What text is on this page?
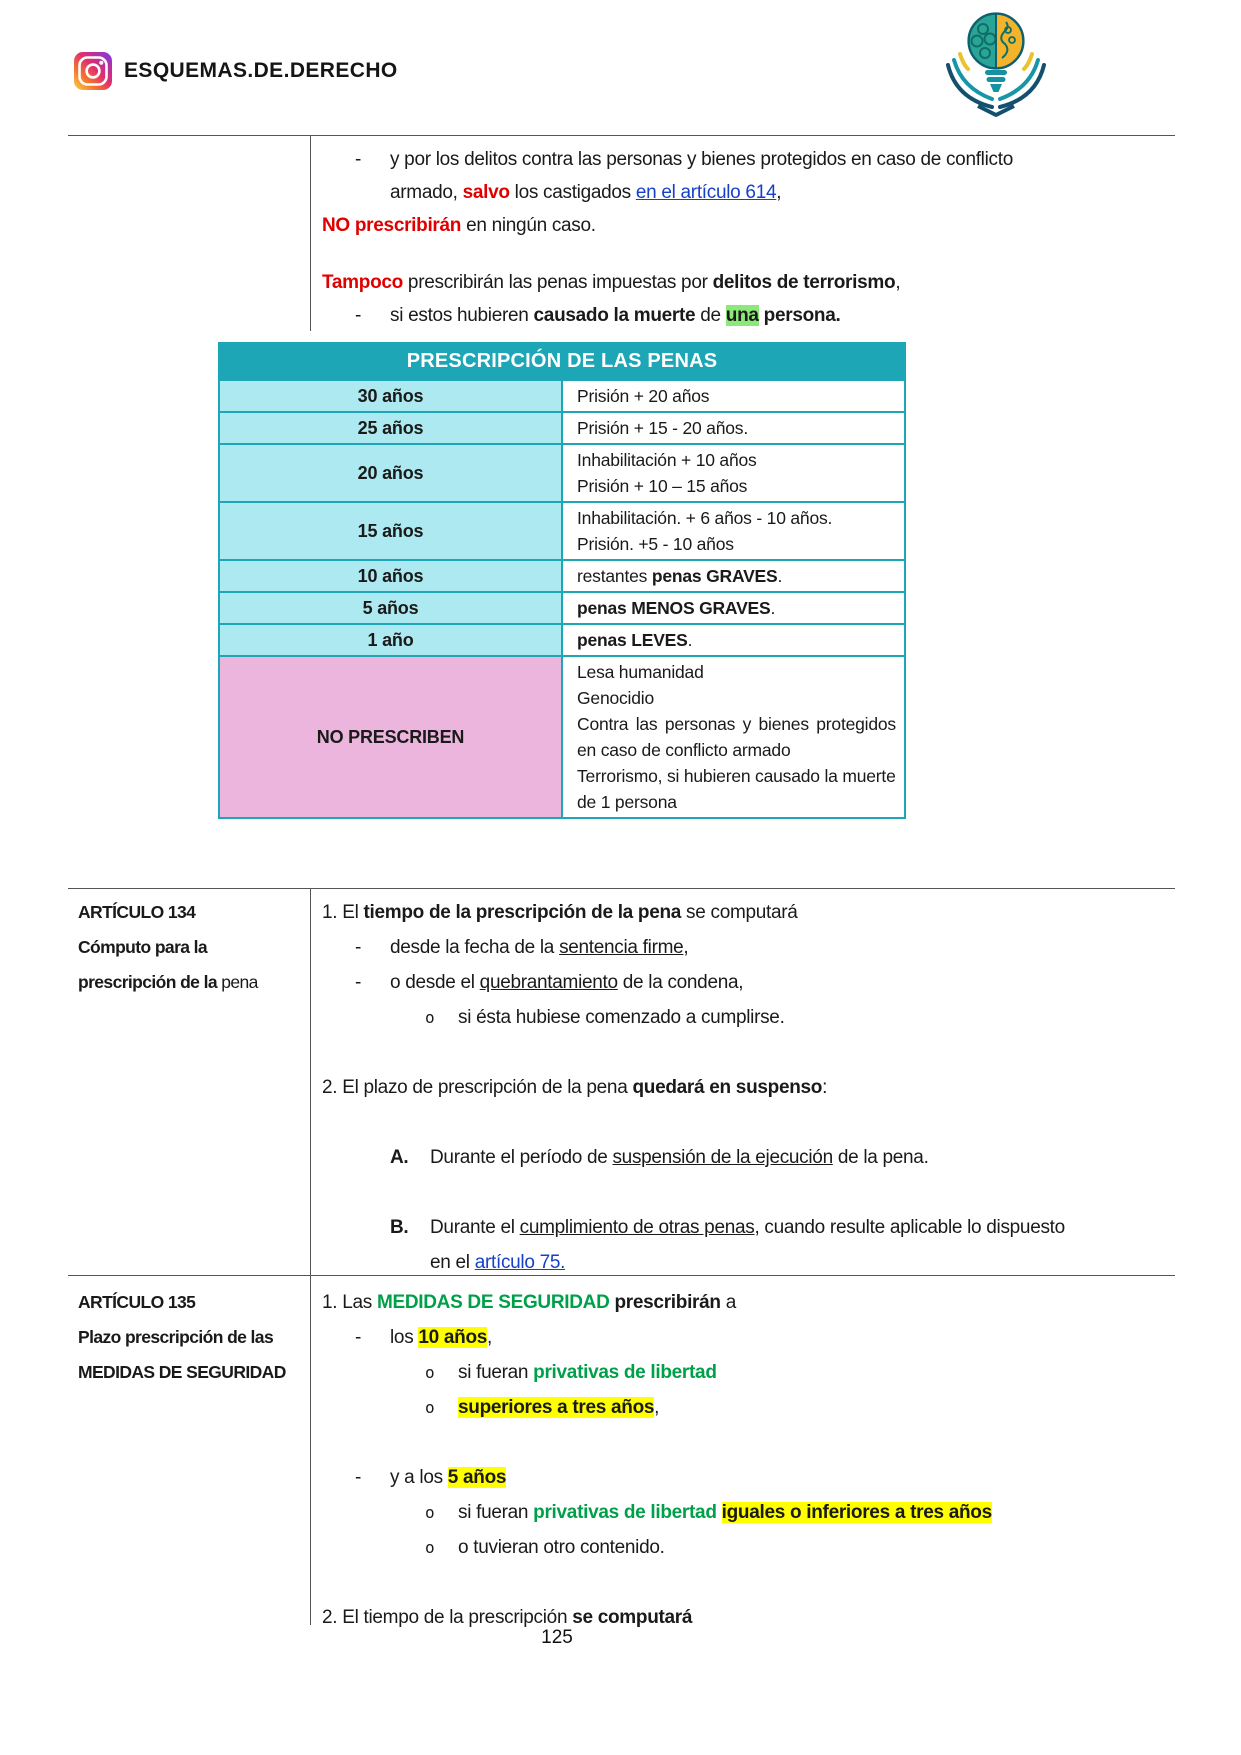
ESQUEMAS.DE.DERECHO
-	y por los delitos contra las personas y bienes protegidos en caso de conflicto
armado, salvo los castigados en el artículo 614,
NO prescribirán en ningún caso.
Tampoco prescribirán las penas impuestas por delitos de terrorismo,
-	si estos hubieren causado la muerte de una persona.
PRESCRIPCIÓN DE LAS PENAS	
30 años	Prisión + 20 años

25 años	Prisión + 15 - 20 años.

20 años	Inhabilitación + 10 años
Prisión + 10 – 15 años

15 años	Inhabilitación. + 6 años - 10 años.
Prisión. +5 - 10 años

10 años	restantes penas GRAVES.

5 años	penas MENOS GRAVES.

1 año	penas LEVES.

NO PRESCRIBEN	Lesa humanidad
Genocidio
Contra las personas y bienes protegidos en caso de conflicto armado
Terrorismo, si hubieren causado la muerte de 1 persona
ARTÍCULO 134
Cómputo para la
prescripción de la pena
1. El tiempo de la prescripción de la pena se computará
-	desde la fecha de la sentencia firme,
-	o desde el quebrantamiento de la condena,
o	si ésta hubiese comenzado a cumplirse.
2. El plazo de prescripción de la pena quedará en suspenso:
A.	Durante el período de suspensión de la ejecución de la pena.
B.	Durante el cumplimiento de otras penas, cuando resulte aplicable lo dispuesto
en el artículo 75.
ARTÍCULO 135
Plazo prescripción de las
MEDIDAS DE SEGURIDAD
1. Las MEDIDAS DE SEGURIDAD prescribirán a
-	los 10 años,
o	si fueran privativas de libertad
o	superiores a tres años,
-	y a los 5 años
o	si fueran privativas de libertad iguales o inferiores a tres años
o	o tuvieran otro contenido.
2. El tiempo de la prescripción se computará
125
